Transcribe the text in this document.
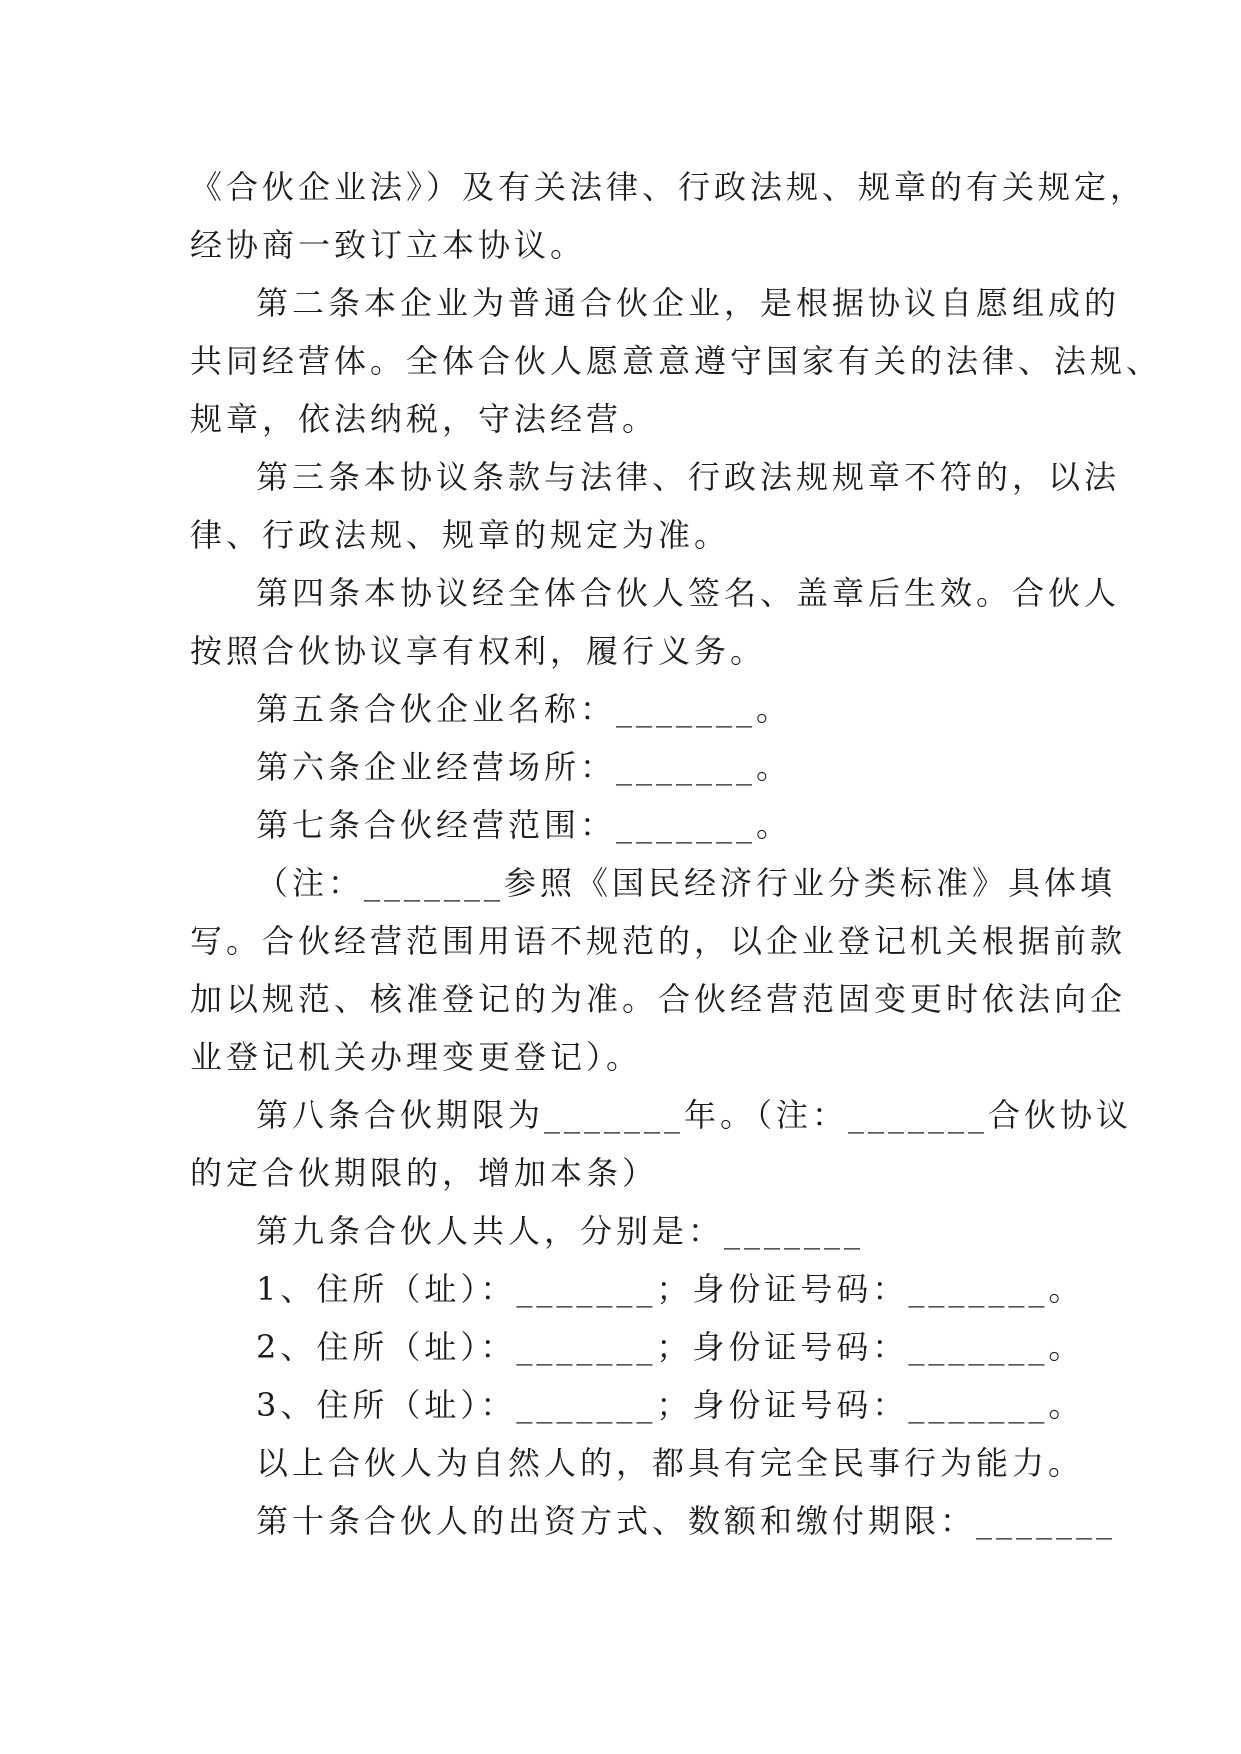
《合伙企业法》）及有关法律、行政法规、规章的有关规定，
经协商一致订立本协议。
第二条本企业为普通合伙企业，是根据协议自愿组成的
共同经营体。全体合伙人愿意意遵守国家有关的法律、法规、
规章，依法纳税，守法经营。
第三条本协议条款与法律、行政法规规章不符的，以法
律、行政法规、规章的规定为准。
第四条本协议经全体合伙人签名、盖章后生效。合伙人
按照合伙协议享有权利，履行义务。
第五条合伙企业名称：_______。
第六条企业经营场所：_______。
第七条合伙经营范围：_______。
（注：_______参照《国民经济行业分类标准》具体填
写。合伙经营范围用语不规范的，以企业登记机关根据前款
加以规范、核准登记的为准。合伙经营范固变更时依法向企
业登记机关办理变更登记）。
第八条合伙期限为_______年。（注：_______合伙协议
的定合伙期限的，增加本条）
第九条合伙人共人，分别是：_______
1、住所（址）：_______；身份证号码：_______。
2、住所（址）：_______；身份证号码：_______。
3、住所（址）：_______；身份证号码：_______。
以上合伙人为自然人的，都具有完全民事行为能力。
第十条合伙人的出资方式、数额和缴付期限：_______
